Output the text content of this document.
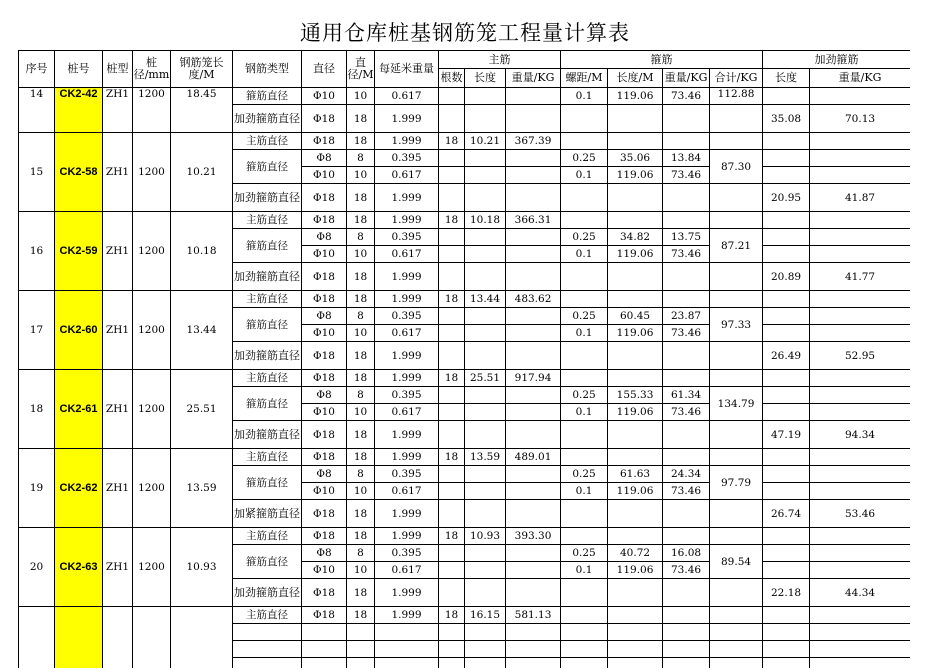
通用仓库桩基钢筋笼工程量计算表
序号	桩号	桩型	桩径/mm	钢筋笼长度/M	钢筋类型	直径	直径/M	每延米重量	主筋			箍筋				加劲箍筋	
									根数	长度	重量/KG	螺距/M	长度/M	重量/KG	合计/KG	长度	重量/KG
14	CK2-42	ZH1	1200	18.45	箍筋直径	Φ10	10	0.617				0.1	119.06	73.46	112.88		
					加劲箍筋直径	Φ18	18	1.999								35.08	70.13
15	CK2-58	ZH1	1200	10.21	主筋直径	Φ18	18	1.999	18	10.21	367.39						
					箍筋直径	Φ8	8	0.395				0.25	35.06	13.84	87.30		
						Φ10	10	0.617				0.1	119.06	73.46			
					加劲箍筋直径	Φ18	18	1.999								20.95	41.87
16	CK2-59	ZH1	1200	10.18	主筋直径	Φ18	18	1.999	18	10.18	366.31						
					箍筋直径	Φ8	8	0.395				0.25	34.82	13.75	87.21		
						Φ10	10	0.617				0.1	119.06	73.46			
					加劲箍筋直径	Φ18	18	1.999								20.89	41.77
17	CK2-60	ZH1	1200	13.44	主筋直径	Φ18	18	1.999	18	13.44	483.62						
					箍筋直径	Φ8	8	0.395				0.25	60.45	23.87	97.33		
						Φ10	10	0.617				0.1	119.06	73.46			
					加劲箍筋直径	Φ18	18	1.999								26.49	52.95
18	CK2-61	ZH1	1200	25.51	主筋直径	Φ18	18	1.999	18	25.51	917.94						
					箍筋直径	Φ8	8	0.395				0.25	155.33	61.34	134.79		
						Φ10	10	0.617				0.1	119.06	73.46			
					加劲箍筋直径	Φ18	18	1.999								47.19	94.34
19	CK2-62	ZH1	1200	13.59	主筋直径	Φ18	18	1.999	18	13.59	489.01						
					箍筋直径	Φ8	8	0.395				0.25	61.63	24.34	97.79		
						Φ10	10	0.617				0.1	119.06	73.46			
					加紧箍筋直径	Φ18	18	1.999								26.74	53.46
20	CK2-63	ZH1	1200	10.93	主筋直径	Φ18	18	1.999	18	10.93	393.30						
					箍筋直径	Φ8	8	0.395				0.25	40.72	16.08	89.54		
						Φ10	10	0.617				0.1	119.06	73.46			
					加劲箍筋直径	Φ18	18	1.999								22.18	44.34
					主筋直径	Φ18	18	1.999	18	16.15	581.13						
